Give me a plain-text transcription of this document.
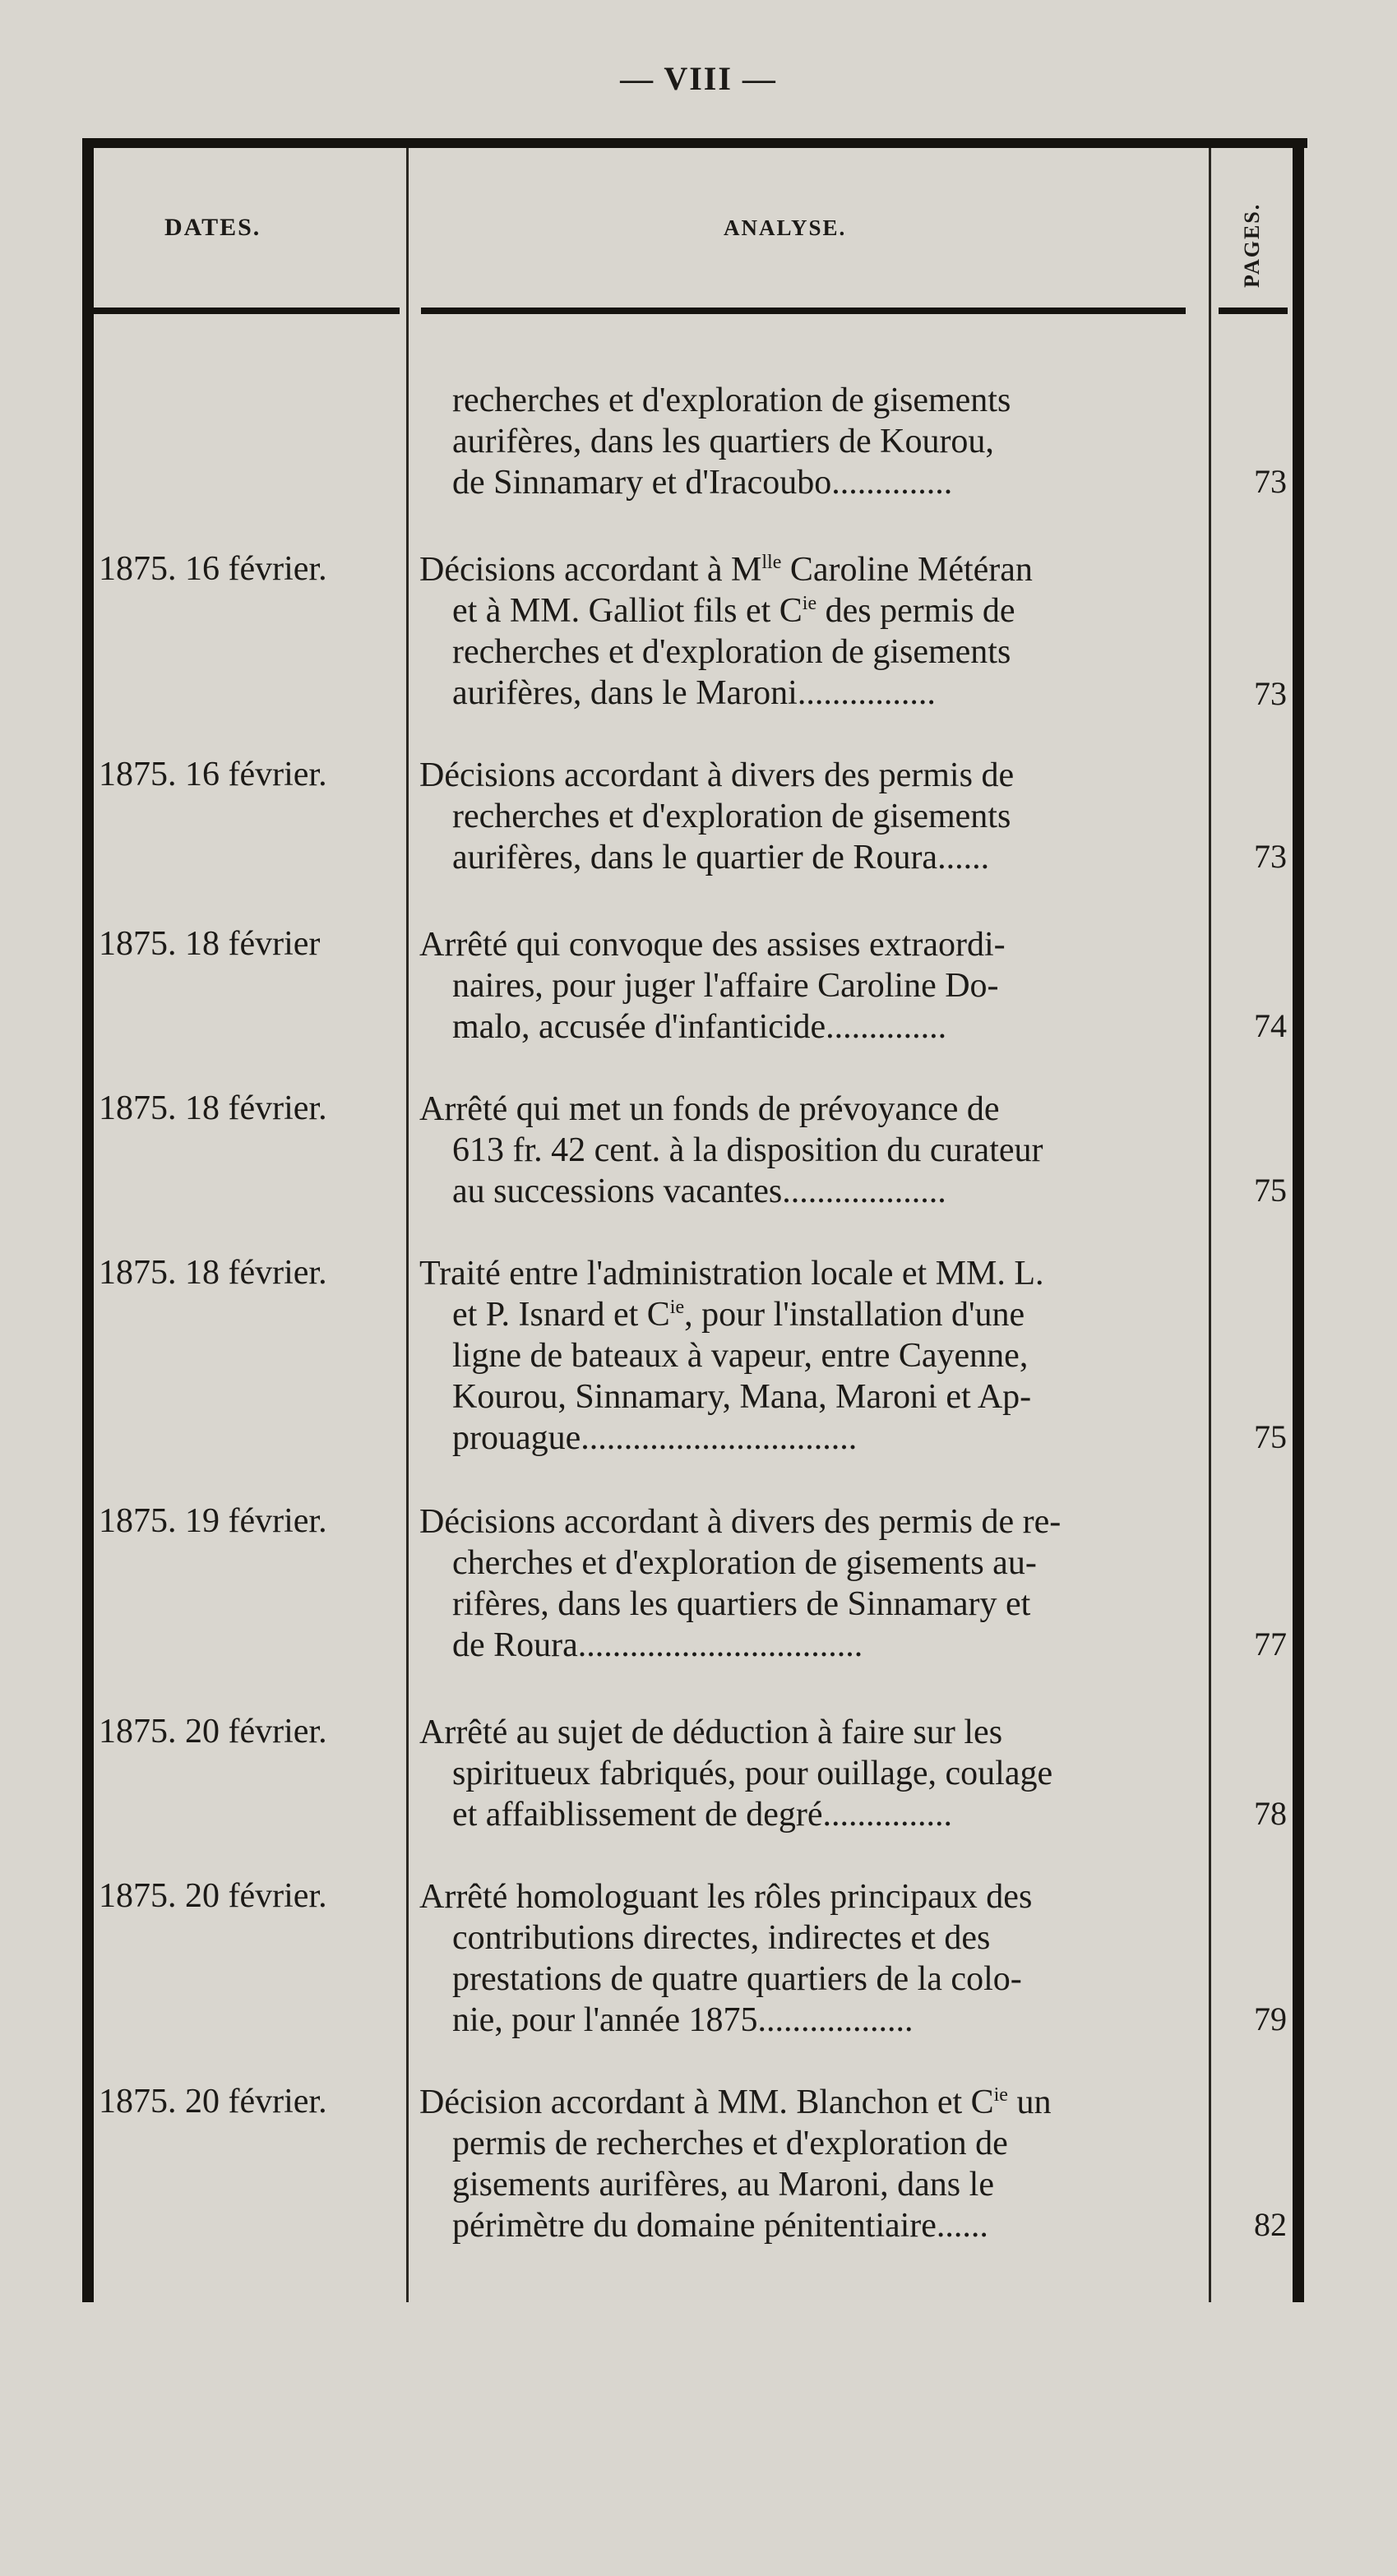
— VIII —
DATES.	ANALYSE.	PAGES.
recherches et d'exploration de gisements
aurifères, dans les quartiers de Kourou,
de Sinnamary et d'Iracoubo..............	73
1875. 16 février.	Décisions accordant à $M^{lle}$ Caroline Météran
et à MM. Galliot fils et $C^{ie}$ des permis de
recherches et d'exploration de gisements
aurifères, dans le Maroni................	73
1875. 16 février.	Décisions accordant à divers des permis de
recherches et d'exploration de gisements
aurifères, dans le quartier de Roura......	73
1875. 18 février	Arrêté qui convoque des assises extraordi-
naires, pour juger l'affaire Caroline Do-
malo, accusée d'infanticide..............	74
1875. 18 février.	Arrêté qui met un fonds de prévoyance de
613 fr. 42 cent. à la disposition du curateur
au successions vacantes...................	75
1875. 18 février.	Traité entre l'administration locale et MM. L.
et P. Isnard et $C^{ie}$, pour l'installation d'une
ligne de bateaux à vapeur, entre Cayenne,
Kourou, Sinnamary, Mana, Maroni et Ap-
prouague................................	75
1875. 19 février.	Décisions accordant à divers des permis de re-
cherches et d'exploration de gisements au-
rifères, dans les quartiers de Sinnamary et
de Roura.................................	77
1875. 20 février.	Arrêté au sujet de déduction à faire sur les
spiritueux fabriqués, pour ouillage, coulage
et affaiblissement de degré...............	78
1875. 20 février.	Arrêté homologuant les rôles principaux des
contributions directes, indirectes et des
prestations de quatre quartiers de la colo-
nie, pour l'année 1875..................	79
1875. 20 février.	Décision accordant à MM. Blanchon et $C^{ie}$ un
permis de recherches et d'exploration de
gisements aurifères, au Maroni, dans le
périmètre du domaine pénitentiaire......	82
